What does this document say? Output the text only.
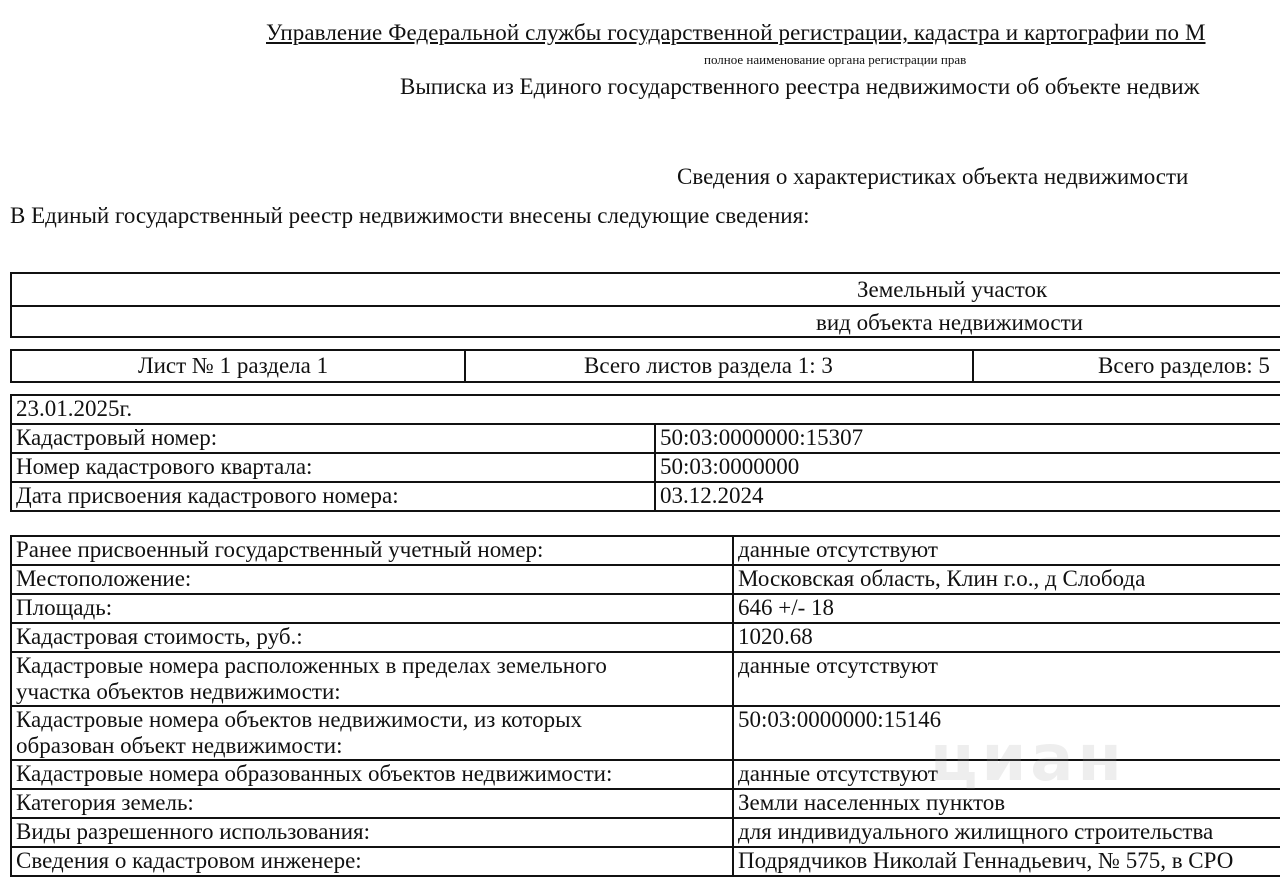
Управление Федеральной службы государственной регистрации, кадастра и картографии по М
полное наименование органа регистрации прав
Выписка из Единого государственного реестра недвижимости об объекте недвиж
Сведения о характеристиках объекта недвижимости
В Единый государственный реестр недвижимости внесены следующие сведения:
Земельный участок
вид объекта недвижимости
Лист № 1 раздела 1	Всего листов раздела 1: 3	Всего разделов: 5
23.01.2025г.	
Кадастровый номер:	50:03:0000000:15307
Номер кадастрового квартала:	50:03:0000000
Дата присвоения кадастрового номера:	03.12.2024
Ранее присвоенный государственный учетный номер:	данные отсутствуют
Местоположение:	Московская область, Клин г.о., д Слобода
Площадь:	646 +/- 18
Кадастровая стоимость, руб.:	1020.68

Кадастровые номера расположенных в пределах земельного
участка объектов недвижимости:	данные отсутствуют

Кадастровые номера объектов недвижимости, из которых
образован объект недвижимости:	50:03:0000000:15146
Кадастровые номера образованных объектов недвижимости:	данные отсутствуют
Категория земель:	Земли населенных пунктов
Виды разрешенного использования:	для индивидуального жилищного строительства
Сведения о кадастровом инженере:	Подрядчиков Николай Геннадьевич, № 575, в СРО
циан
